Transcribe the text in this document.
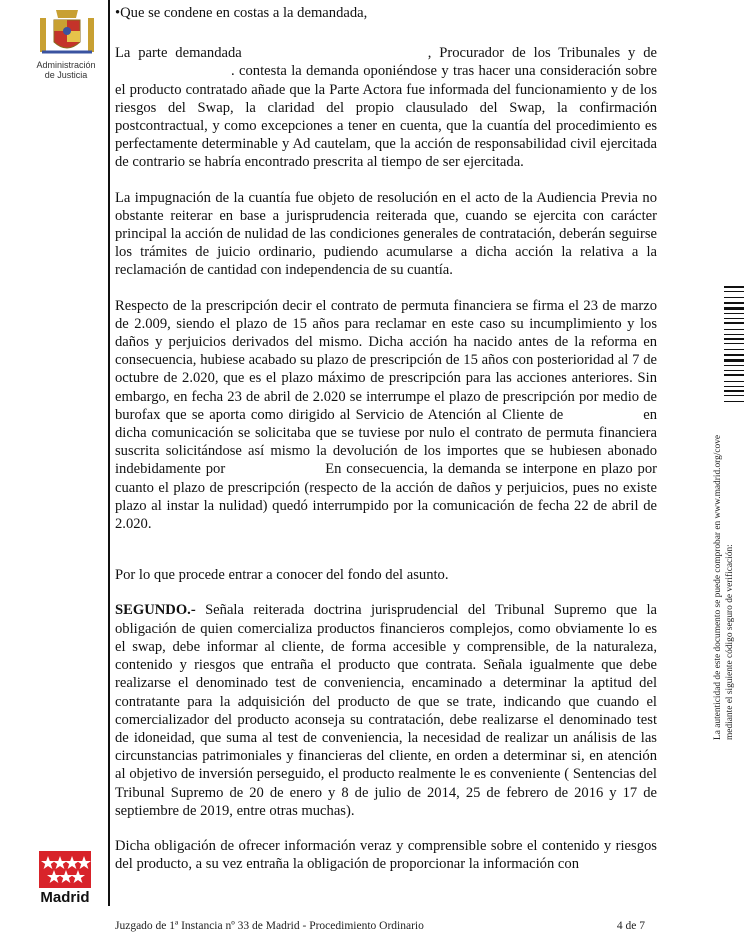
Administración
de Justicia
•Que se condene en costas a la demandada,

La parte demandada	, Procurador de los Tribunales y de. contesta la demanda oponiéndose y tras hacer una consideración sobre el producto contratado añade que la Parte Actora fue informada del funcionamiento y de los riesgos del Swap, la claridad del propio clausulado del Swap, la confirmación postcontractual, y como excepciones a tener en cuenta, que la cuantía del procedimiento es perfectamente determinable y Ad cautelam, que la acción de responsabilidad civil ejercitada de contrario se habría encontrado prescrita al tiempo de ser ejercitada.

La impugnación de la cuantía fue objeto de resolución en el acto de la Audiencia Previa no obstante reiterar en base a jurisprudencia reiterada que, cuando se ejercita con carácter principal la acción de nulidad de las condiciones generales de contratación, deberán seguirse los trámites de juicio ordinario, pudiendo acumularse a dicha acción la relativa a la reclamación de cantidad con independencia de su cuantía.

Respecto de la prescripción decir el contrato de permuta financiera se firma el 23 de marzo de 2.009, siendo el plazo de 15 años para reclamar en este caso su incumplimiento y los daños y perjuicios derivados del mismo. Dicha acción ha nacido antes de la reforma en consecuencia, hubiese acabado su plazo de prescripción de 15 años con posterioridad al 7 de octubre de 2.020, que es el plazo máximo de prescripción para las acciones anteriores. Sin embargo, en fecha 23 de abril de 2.020 se interrumpe el plazo de prescripción por medio de burofax que se aporta como dirigido al Servicio de Atención al Cliente de	en dicha comunicación se solicitaba que se tuviese por nulo el contrato de permuta financiera suscrita solicitándose así mismo la devolución de los importes que se hubiesen abonado indebidamente por	En consecuencia, la demanda se interpone en plazo por cuanto el plazo de prescripción (respecto de la acción de daños y perjuicios, pues no existe plazo al instar la nulidad) quedó interrumpido por la comunicación de fecha 22 de abril de 2.020.

Por lo que procede entrar a conocer del fondo del asunto.

SEGUNDO.- Señala reiterada doctrina jurisprudencial del Tribunal Supremo que la obligación de quien comercializa productos financieros complejos, como obviamente lo es el swap, debe informar al cliente, de forma accesible y comprensible, de la naturaleza, contenido y riesgos que entraña el producto que contrata. Señala igualmente que debe realizarse el denominado test de conveniencia, encaminado a determinar la aptitud del contratante para la adquisición del producto de que se trate, indicando que cuando el comercializador del producto aconseja su contratación, debe realizarse el denominado test de idoneidad, que suma al test de conveniencia, la necesidad de realizar un análisis de las circunstancias patrimoniales y financieras del cliente, en orden a determinar si, en atención al objetivo de inversión perseguido, el producto realmente le es conveniente ( Sentencias del Tribunal Supremo de 20 de enero y 8 de julio de 2014, 25 de febrero de 2016 y 17 de septiembre de 2019, entre otras muchas).

Dicha obligación de ofrecer información veraz y comprensible sobre el contenido y riesgos del producto, a su vez entraña la obligación de proporcionar la información con

Madrid
Juzgado de 1ª Instancia nº 33 de Madrid - Procedimiento Ordinario	4 de 7
La autenticidad de este documento se puede comprobar en www.madrid.org/cove mediante el siguiente código seguro de verificación:
